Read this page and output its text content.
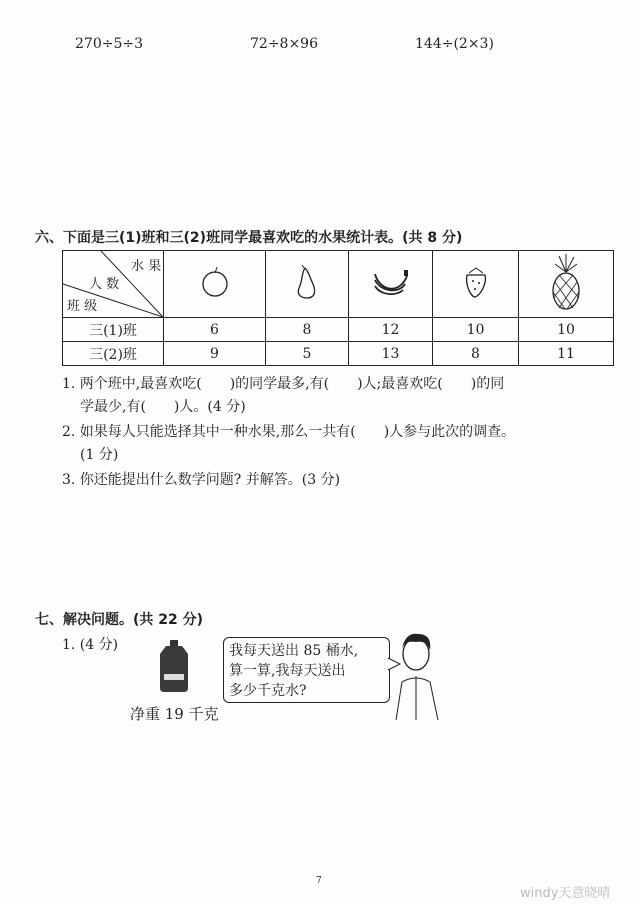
270÷5÷3	72÷8×96	144÷(2×3)
六、下面是三(1)班和三(2)班同学最喜欢吃的水果统计表。(共 8 分)
水 果
人 数
班 级

三(1)班	6	8	12	10	10
三(2)班	9	5	13	8	11
1. 两个班中,最喜欢吃(　　)的同学最多,有(　　)人;最喜欢吃(　　)的同
学最少,有(　　)人。(4 分)
2. 如果每人只能选择其中一种水果,那么一共有(　　)人参与此次的调查。
(1 分)
3. 你还能提出什么数学问题? 并解答。(3 分)
七、解决问题。(共 22 分)
1. (4 分)
净重 19 千克
我每天送出 85 桶水,
算一算,我每天送出
多少千克水?
7
windy天意晓晴
